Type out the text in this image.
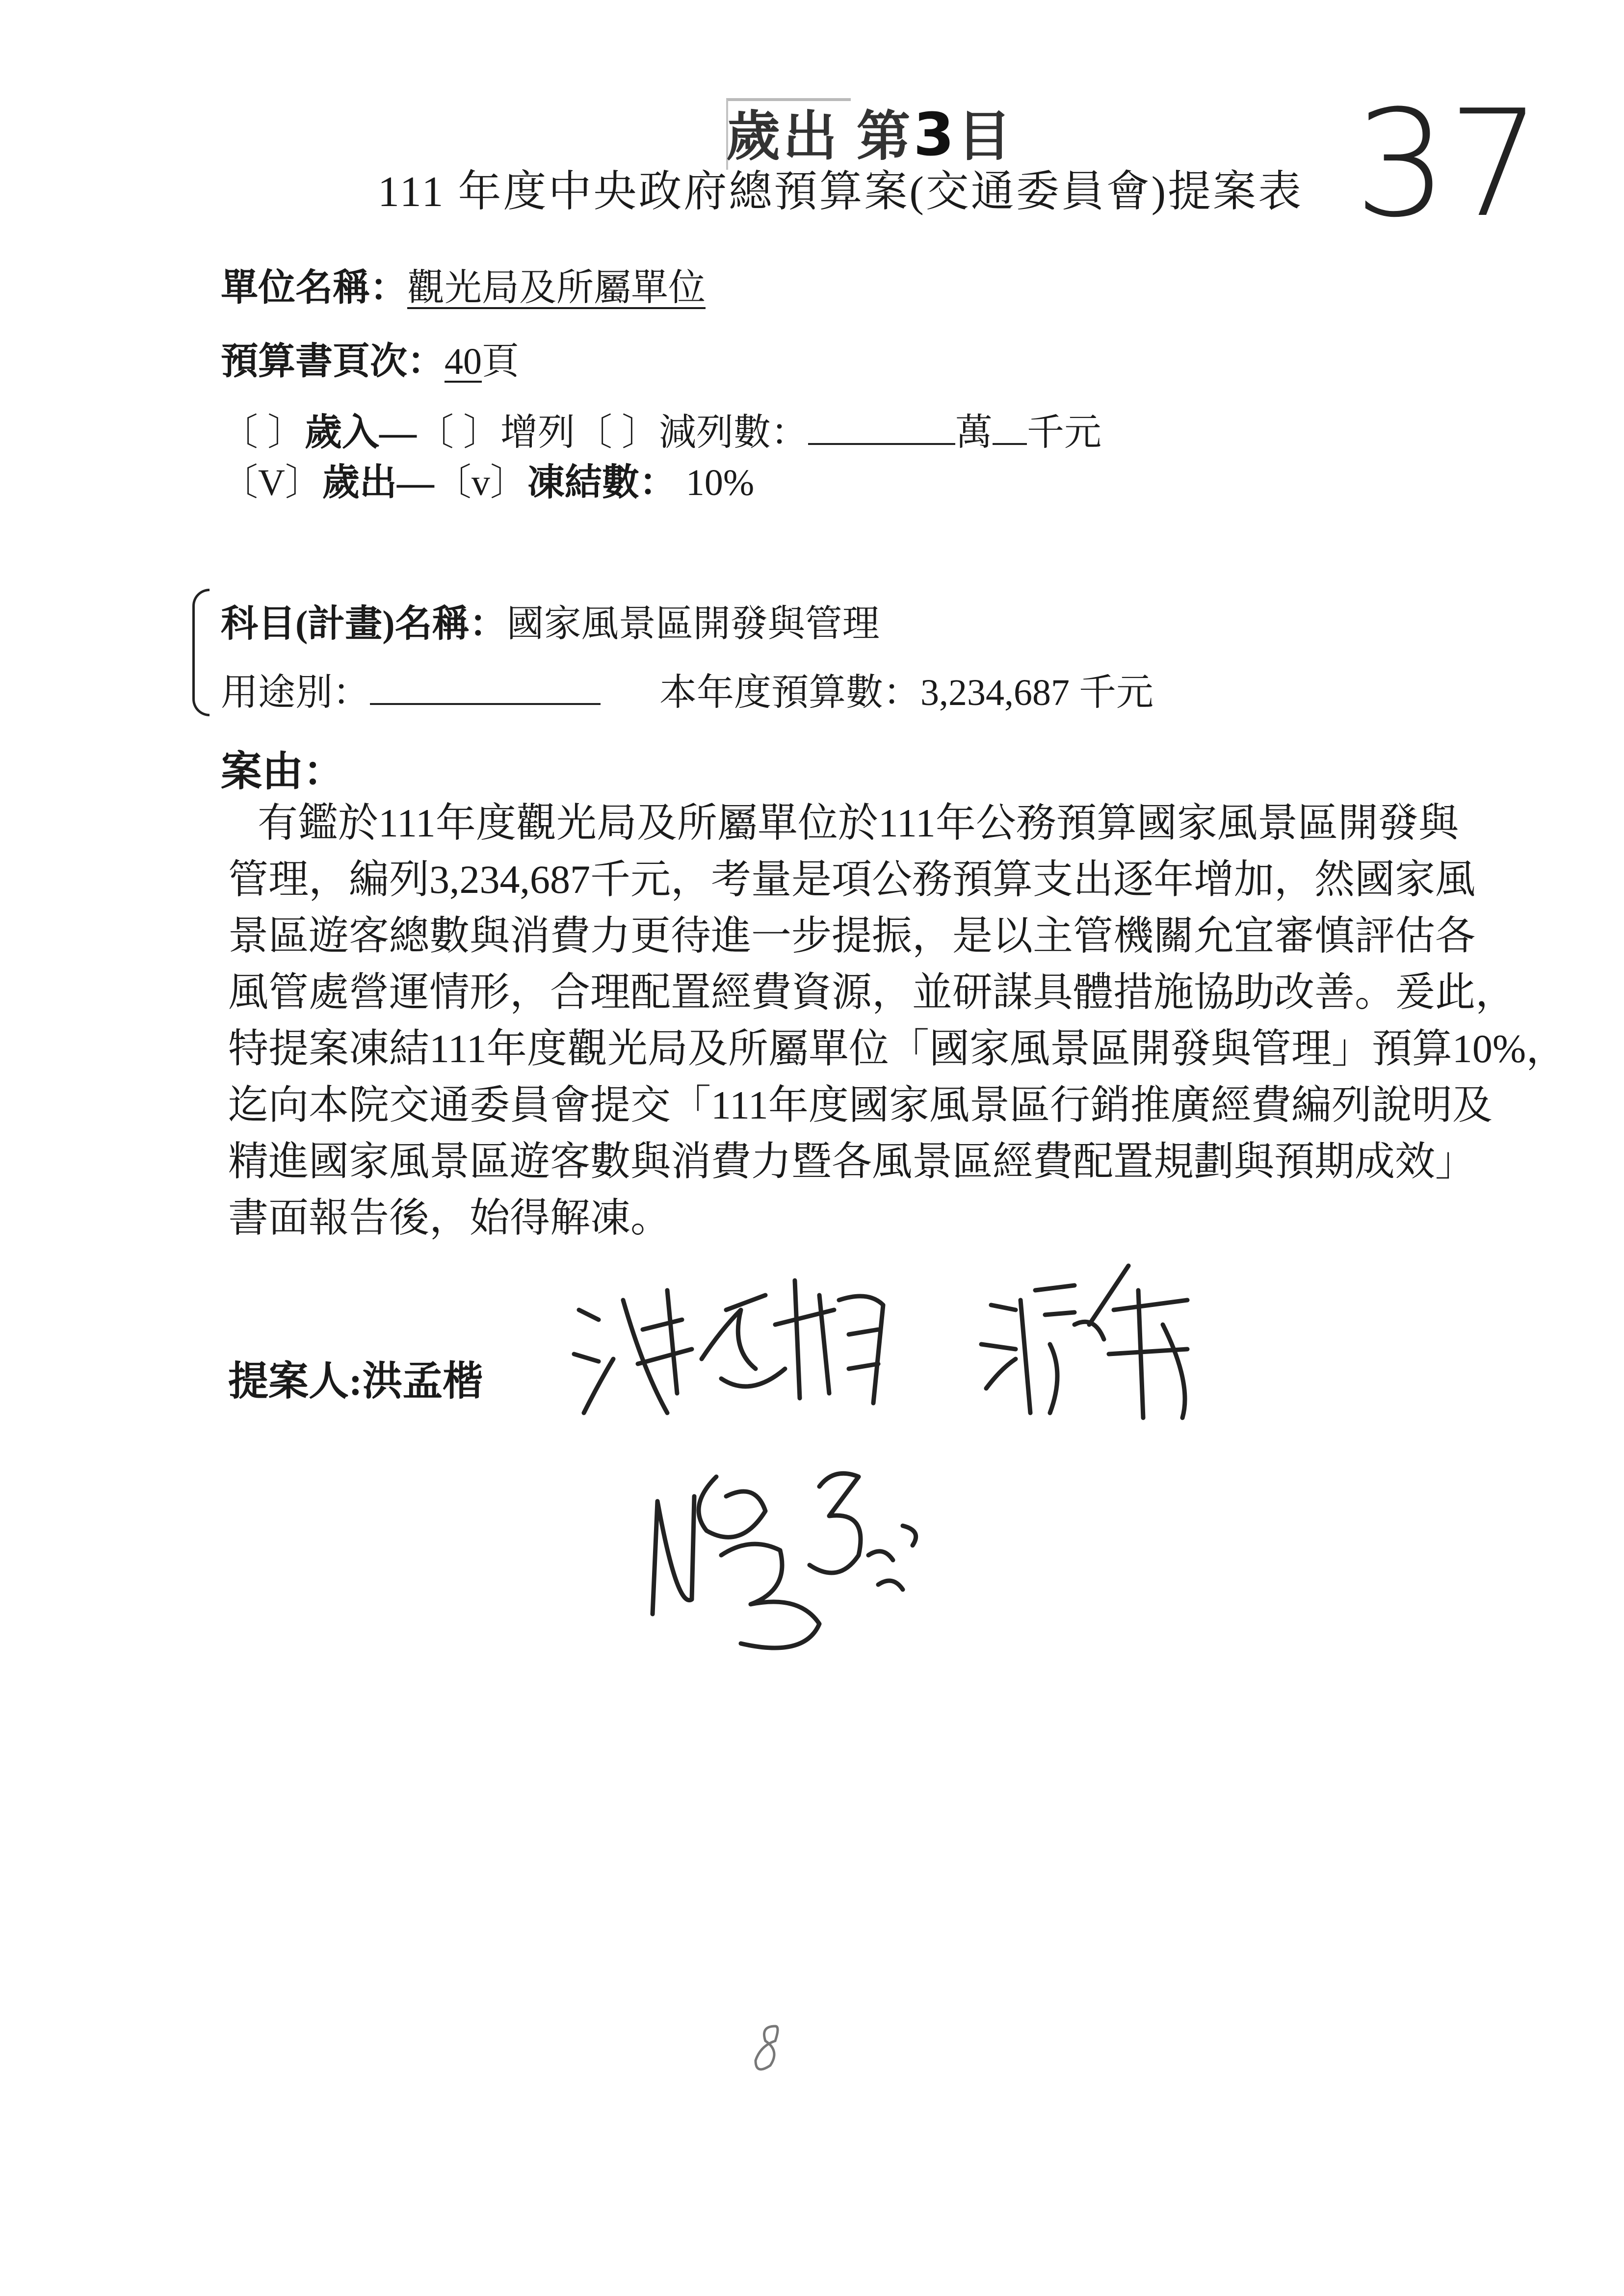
歲出 第3目 37
111 年度中央政府總預算案(交通委員會)提案表
單位名稱：觀光局及所屬單位
預算書頁次：40頁
〔 〕歲入—〔 〕增列〔 〕減列數：	萬 千元
〔V〕歲出—〔v〕凍結數： 10%
科目(計畫)名稱：國家風景區開發與管理
用途別：	本年度預算數：3,234,687 千元
案由：
有鑑於111年度觀光局及所屬單位於111年公務預算國家風景區開發與
管理，編列3,234,687千元，考量是項公務預算支出逐年增加，然國家風
景區遊客總數與消費力更待進一步提振，是以主管機關允宜審慎評估各
風管處營運情形，合理配置經費資源，並研謀具體措施協助改善。爰此，
特提案凍結111年度觀光局及所屬單位「國家風景區開發與管理」預算10%，
迄向本院交通委員會提交「111年度國家風景區行銷推廣經費編列說明及
精進國家風景區遊客數與消費力暨各風景區經費配置規劃與預期成效」
書面報告後，始得解凍。
提案人:洪孟楷
